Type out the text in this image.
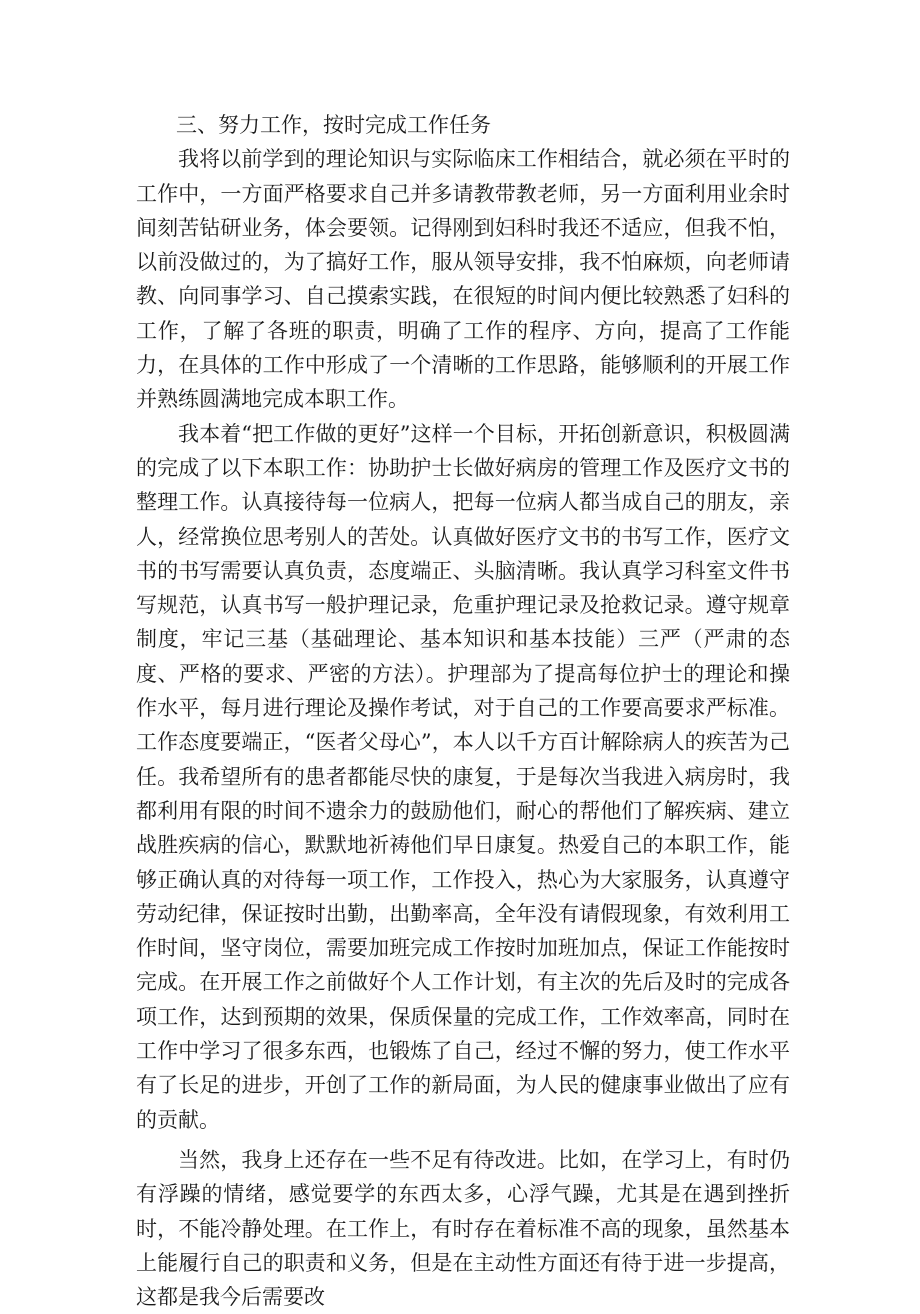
三、努力工作，按时完成工作任务

我将以前学到的理论知识与实际临床工作相结合，就必须在平时的工作中，一方面严格要求自己并多请教带教老师，另一方面利用业余时间刻苦钻研业务，体会要领。记得刚到妇科时我还不适应，但我不怕，以前没做过的，为了搞好工作，服从领导安排，我不怕麻烦，向老师请教、向同事学习、自己摸索实践，在很短的时间内便比较熟悉了妇科的工作，了解了各班的职责，明确了工作的程序、方向，提高了工作能力，在具体的工作中形成了一个清晰的工作思路，能够顺利的开展工作并熟练圆满地完成本职工作。

我本着“把工作做的更好”这样一个目标，开拓创新意识，积极圆满的完成了以下本职工作：协助护士长做好病房的管理工作及医疗文书的整理工作。认真接待每一位病人，把每一位病人都当成自己的朋友，亲人，经常换位思考别人的苦处。认真做好医疗文书的书写工作，医疗文书的书写需要认真负责，态度端正、头脑清晰。我认真学习科室文件书写规范，认真书写一般护理记录，危重护理记录及抢救记录。遵守规章制度，牢记三基（基础理论、基本知识和基本技能）三严（严肃的态度、严格的要求、严密的方法）。护理部为了提高每位护士的理论和操作水平，每月进行理论及操作考试，对于自己的工作要高要求严标准。工作态度要端正，“医者父母心”，本人以千方百计解除病人的疾苦为己任。我希望所有的患者都能尽快的康复，于是每次当我进入病房时，我都利用有限的时间不遗余力的鼓励他们，耐心的帮他们了解疾病、建立战胜疾病的信心，默默地祈祷他们早日康复。热爱自己的本职工作，能够正确认真的对待每一项工作，工作投入，热心为大家服务，认真遵守劳动纪律，保证按时出勤，出勤率高，全年没有请假现象，有效利用工作时间，坚守岗位，需要加班完成工作按时加班加点，保证工作能按时完成。在开展工作之前做好个人工作计划，有主次的先后及时的完成各项工作，达到预期的效果，保质保量的完成工作，工作效率高，同时在工作中学习了很多东西，也锻炼了自己，经过不懈的努力，使工作水平有了长足的进步，开创了工作的新局面，为人民的健康事业做出了应有的贡献。

当然，我身上还存在一些不足有待改进。比如，在学习上，有时仍有浮躁的情绪，感觉要学的东西太多，心浮气躁，尤其是在遇到挫折时，不能冷静处理。在工作上，有时存在着标准不高的现象，虽然基本上能履行自己的职责和义务，但是在主动性方面还有待于进一步提高，这都是我今后需要改
